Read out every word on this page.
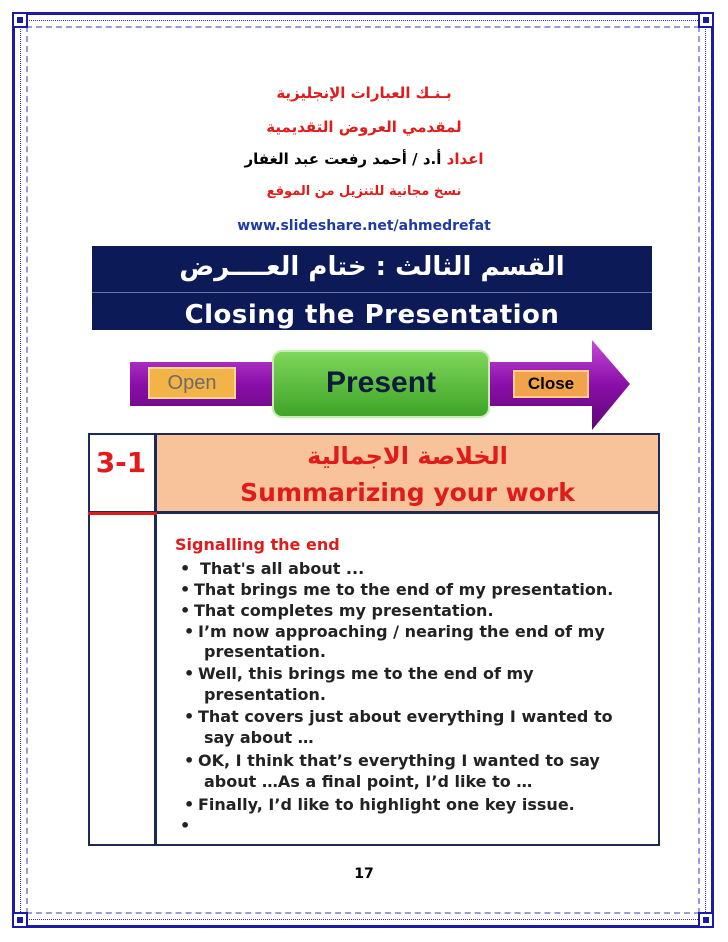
بـنـك العبارات الإنجليزية
لمقدمي العروض التقديمية
اعداد أ.د / أحمد رفعت عبد الغفار
نسخ مجانية للتنزيل من الموقع
www.slideshare.net/ahmedrefat
القسم الثالث : ختام العــــرض
Closing the Presentation
Open	Present	Close
3-1	الخلاصة الاجمالية
Summarizing your work
Signalling the end
• That's all about ...
• That brings me to the end of my presentation.
• That completes my presentation.
• I’m now approaching / nearing the end of my
presentation.
• Well, this brings me to the end of my
presentation.
• That covers just about everything I wanted to
say about …
• OK, I think that’s everything I wanted to say
about …As a final point, I’d like to …
• Finally, I’d like to highlight one key issue.
•
17
